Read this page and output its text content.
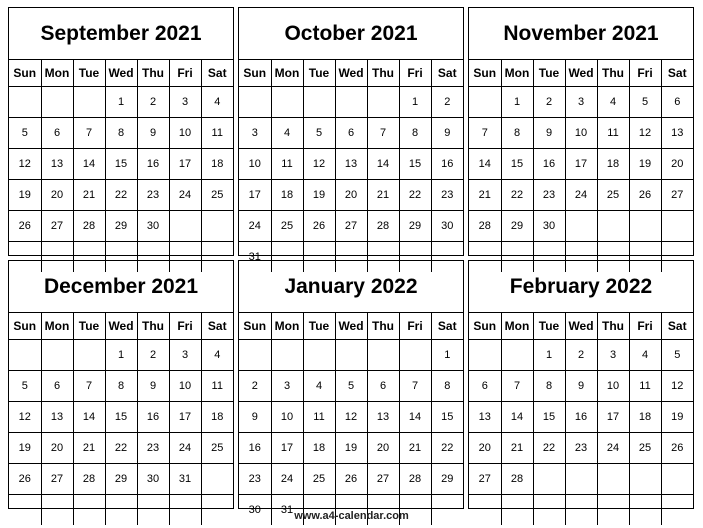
September 2021
Sun	Mon	Tue	Wed	Thu	Fri	Sat
			1	2	3	4
5	6	7	8	9	10	11
12	13	14	15	16	17	18
19	20	21	22	23	24	25
26	27	28	29	30		

October 2021
Sun	Mon	Tue	Wed	Thu	Fri	Sat
					1	2
3	4	5	6	7	8	9
10	11	12	13	14	15	16
17	18	19	20	21	22	23
24	25	26	27	28	29	30
31						
November 2021
Sun	Mon	Tue	Wed	Thu	Fri	Sat
	1	2	3	4	5	6
7	8	9	10	11	12	13
14	15	16	17	18	19	20
21	22	23	24	25	26	27
28	29	30				

December 2021
Sun	Mon	Tue	Wed	Thu	Fri	Sat
			1	2	3	4
5	6	7	8	9	10	11
12	13	14	15	16	17	18
19	20	21	22	23	24	25
26	27	28	29	30	31	

January 2022
Sun	Mon	Tue	Wed	Thu	Fri	Sat
						1
2	3	4	5	6	7	8
9	10	11	12	13	14	15
16	17	18	19	20	21	22
23	24	25	26	27	28	29
30	31					
February 2022
Sun	Mon	Tue	Wed	Thu	Fri	Sat
		1	2	3	4	5
6	7	8	9	10	11	12
13	14	15	16	17	18	19
20	21	22	23	24	25	26
27	28					

www.a4-calendar.com
